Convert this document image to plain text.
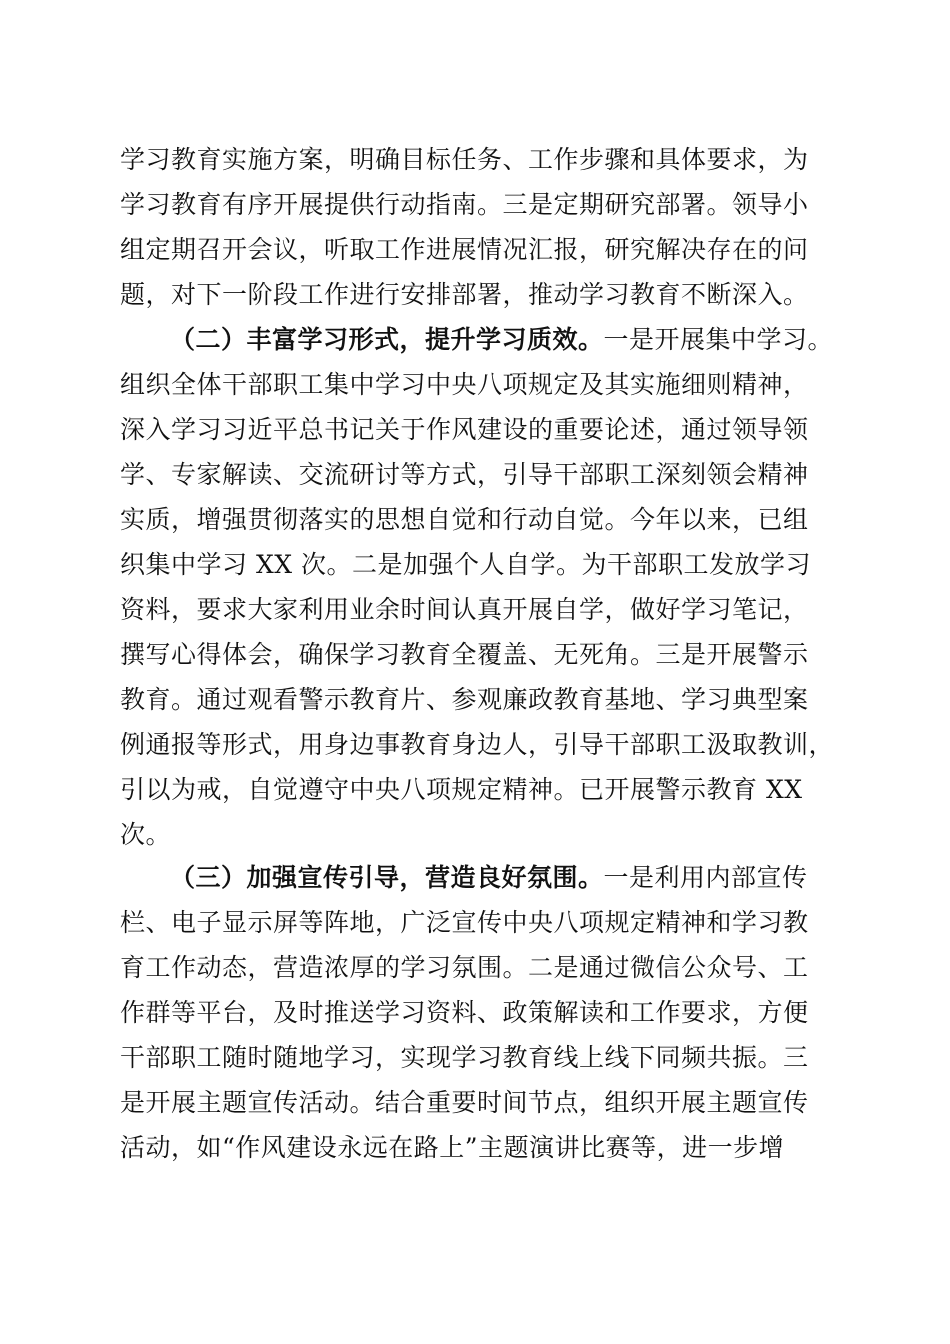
学习教育实施方案，明确目标任务、工作步骤和具体要求，为
学习教育有序开展提供行动指南。三是定期研究部署。领导小
组定期召开会议，听取工作进展情况汇报，研究解决存在的问
题，对下一阶段工作进行安排部署，推动学习教育不断深入。
（二）丰富学习形式，提升学习质效。一是开展集中学习。
组织全体干部职工集中学习中央八项规定及其实施细则精神，
深入学习习近平总书记关于作风建设的重要论述，通过领导领
学、专家解读、交流研讨等方式，引导干部职工深刻领会精神
实质，增强贯彻落实的思想自觉和行动自觉。今年以来，已组
织集中学习 XX 次。二是加强个人自学。为干部职工发放学习
资料，要求大家利用业余时间认真开展自学，做好学习笔记，
撰写心得体会，确保学习教育全覆盖、无死角。三是开展警示
教育。通过观看警示教育片、参观廉政教育基地、学习典型案
例通报等形式，用身边事教育身边人，引导干部职工汲取教训，
引以为戒，自觉遵守中央八项规定精神。已开展警示教育 XX
次。
（三）加强宣传引导，营造良好氛围。一是利用内部宣传
栏、电子显示屏等阵地，广泛宣传中央八项规定精神和学习教
育工作动态，营造浓厚的学习氛围。二是通过微信公众号、工
作群等平台，及时推送学习资料、政策解读和工作要求，方便
干部职工随时随地学习，实现学习教育线上线下同频共振。三
是开展主题宣传活动。结合重要时间节点，组织开展主题宣传
活动，如“作风建设永远在路上”主题演讲比赛等，进一步增
